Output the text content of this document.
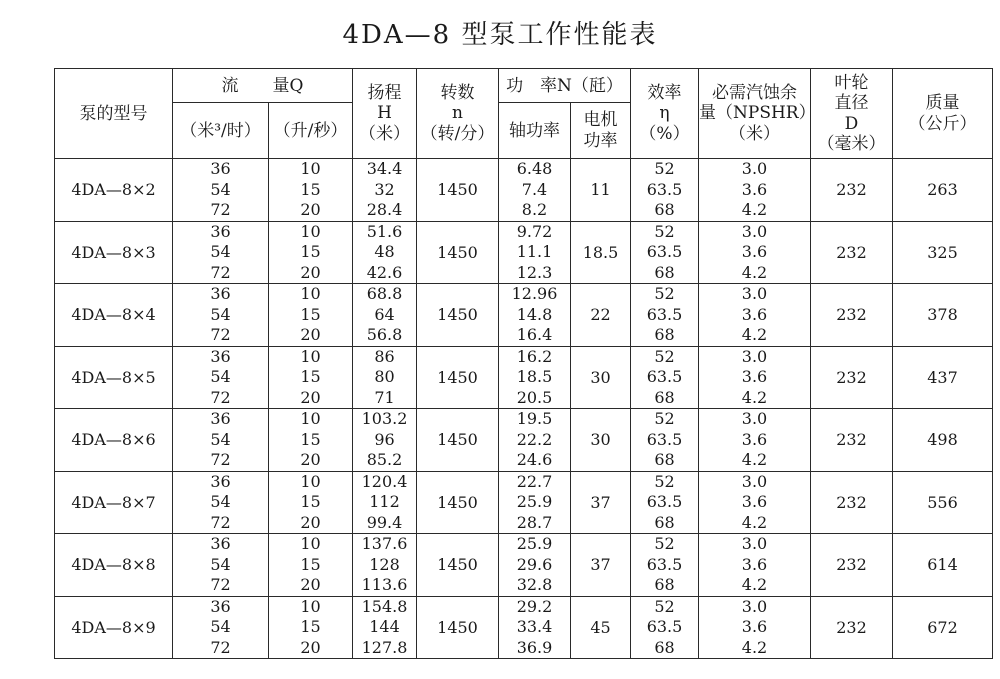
4DA—8 型泵工作性能表
泵的型号	流　　量Q		扬程
H
（米）	转数
n
（转/分）	功　率N（瓩）		效率
η
（%）	必需汽蚀余
量（NPSHR）
（米）	叶轮
直径
D
（毫米）	质量
（公斤）

	（米³/时）	（升/秒）			轴功率	电机
功率				

4DA—8×2	36
54
72	10
15
20	34.4
32
28.4	1450	6.48
7.4
8.2	11	52
63.5
68	3.0
3.6
4.2	232	263
4DA—8×3	36
54
72	10
15
20	51.6
48
42.6	1450	9.72
11.1
12.3	18.5	52
63.5
68	3.0
3.6
4.2	232	325
4DA—8×4	36
54
72	10
15
20	68.8
64
56.8	1450	12.96
14.8
16.4	22	52
63.5
68	3.0
3.6
4.2	232	378
4DA—8×5	36
54
72	10
15
20	86
80
71	1450	16.2
18.5
20.5	30	52
63.5
68	3.0
3.6
4.2	232	437
4DA—8×6	36
54
72	10
15
20	103.2
96
85.2	1450	19.5
22.2
24.6	30	52
63.5
68	3.0
3.6
4.2	232	498
4DA—8×7	36
54
72	10
15
20	120.4
112
99.4	1450	22.7
25.9
28.7	37	52
63.5
68	3.0
3.6
4.2	232	556
4DA—8×8	36
54
72	10
15
20	137.6
128
113.6	1450	25.9
29.6
32.8	37	52
63.5
68	3.0
3.6
4.2	232	614
4DA—8×9	36
54
72	10
15
20	154.8
144
127.8	1450	29.2
33.4
36.9	45	52
63.5
68	3.0
3.6
4.2	232	672
